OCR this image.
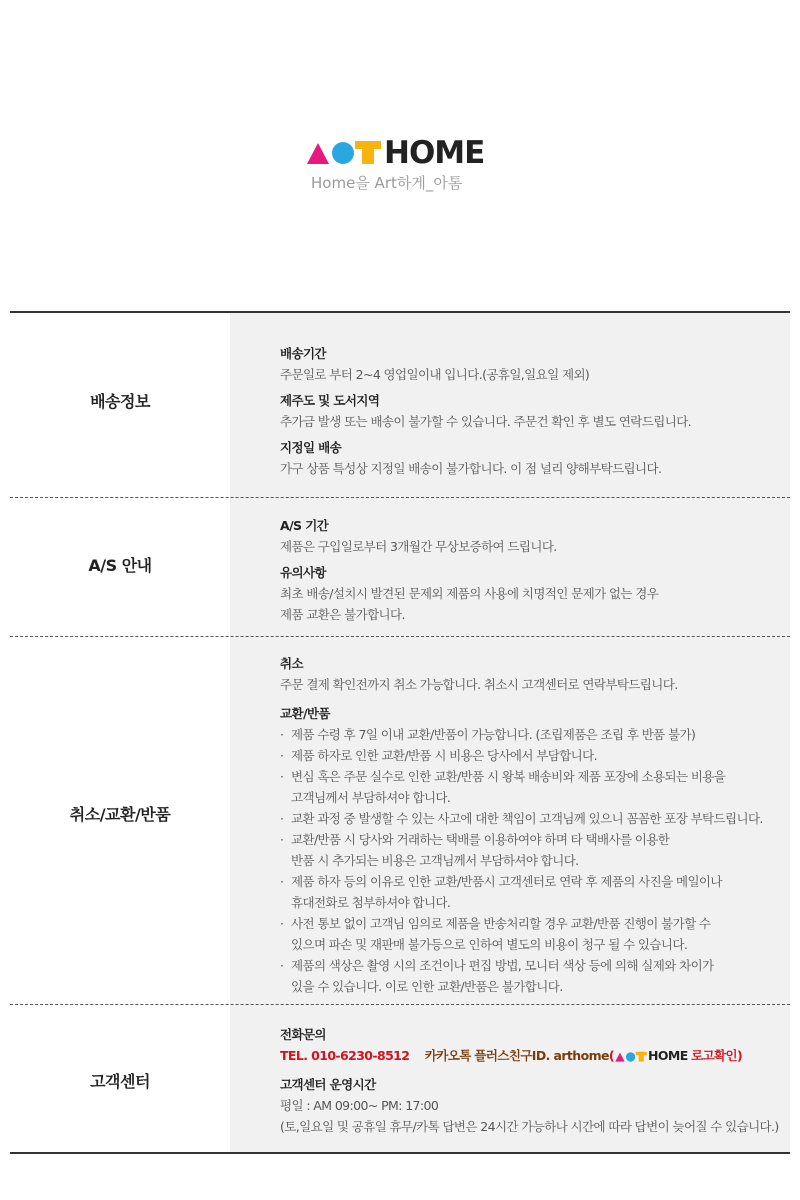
HOME
Home을 Art하게_아톰
배송정보
배송기간
주문일로 부터 2~4 영업일이내 입니다.(공휴일,일요일 제외)
제주도 및 도서지역
추가금 발생 또는 배송이 불가할 수 있습니다. 주문건 확인 후 별도 연락드립니다.
지정일 배송
가구 상품 특성상 지정일 배송이 불가합니다. 이 점 널리 양해부탁드립니다.
A/S 안내
A/S 기간
제품은 구입일로부터 3개월간 무상보증하여 드립니다.
유의사항
최초 배송/설치시 발견된 문제외 제품의 사용에 치명적인 문제가 없는 경우
제품 교환은 불가합니다.
취소/교환/반품
취소
주문 결제 확인전까지 취소 가능합니다. 취소시 고객센터로 연락부탁드립니다.
교환/반품
· 제품 수령 후 7일 이내 교환/반품이 가능합니다. (조립제품은 조립 후 반품 불가)
· 제품 하자로 인한 교환/반품 시 비용은 당사에서 부담합니다.
· 변심 혹은 주문 실수로 인한 교환/반품 시 왕복 배송비와 제품 포장에 소용되는 비용을
고객님께서 부담하셔야 합니다.
· 교환 과정 중 발생할 수 있는 사고에 대한 책임이 고객님께 있으니 꼼꼼한 포장 부탁드립니다.
· 교환/반품 시 당사와 거래하는 택배를 이용하여야 하며 타 택배사를 이용한
반품 시 추가되는 비용은 고객님께서 부담하셔야 합니다.
· 제품 하자 등의 이유로 인한 교환/반품시 고객센터로 연락 후 제품의 사진을 메일이나
휴대전화로 첨부하셔야 합니다.
· 사전 통보 없이 고객님 임의로 제품을 반송처리할 경우 교환/반품 진행이 불가할 수
있으며 파손 및 재판매 불가등으로 인하여 별도의 비용이 청구 될 수 있습니다.
· 제품의 색상은 촬영 시의 조건이나 편집 방법, 모니터 색상 등에 의해 실제와 차이가
있을 수 있습니다. 이로 인한 교환/반품은 불가합니다.
고객센터
전화문의
TEL. 010-6230-8512 카카오톡 플러스친구ID. arthome(	HOME 로고확인)
고객센터 운영시간
평일 : AM 09:00~ PM: 17:00
(토,일요일 및 공휴일 휴무/카톡 답변은 24시간 가능하나 시간에 따라 답변이 늦어질 수 있습니다.)
